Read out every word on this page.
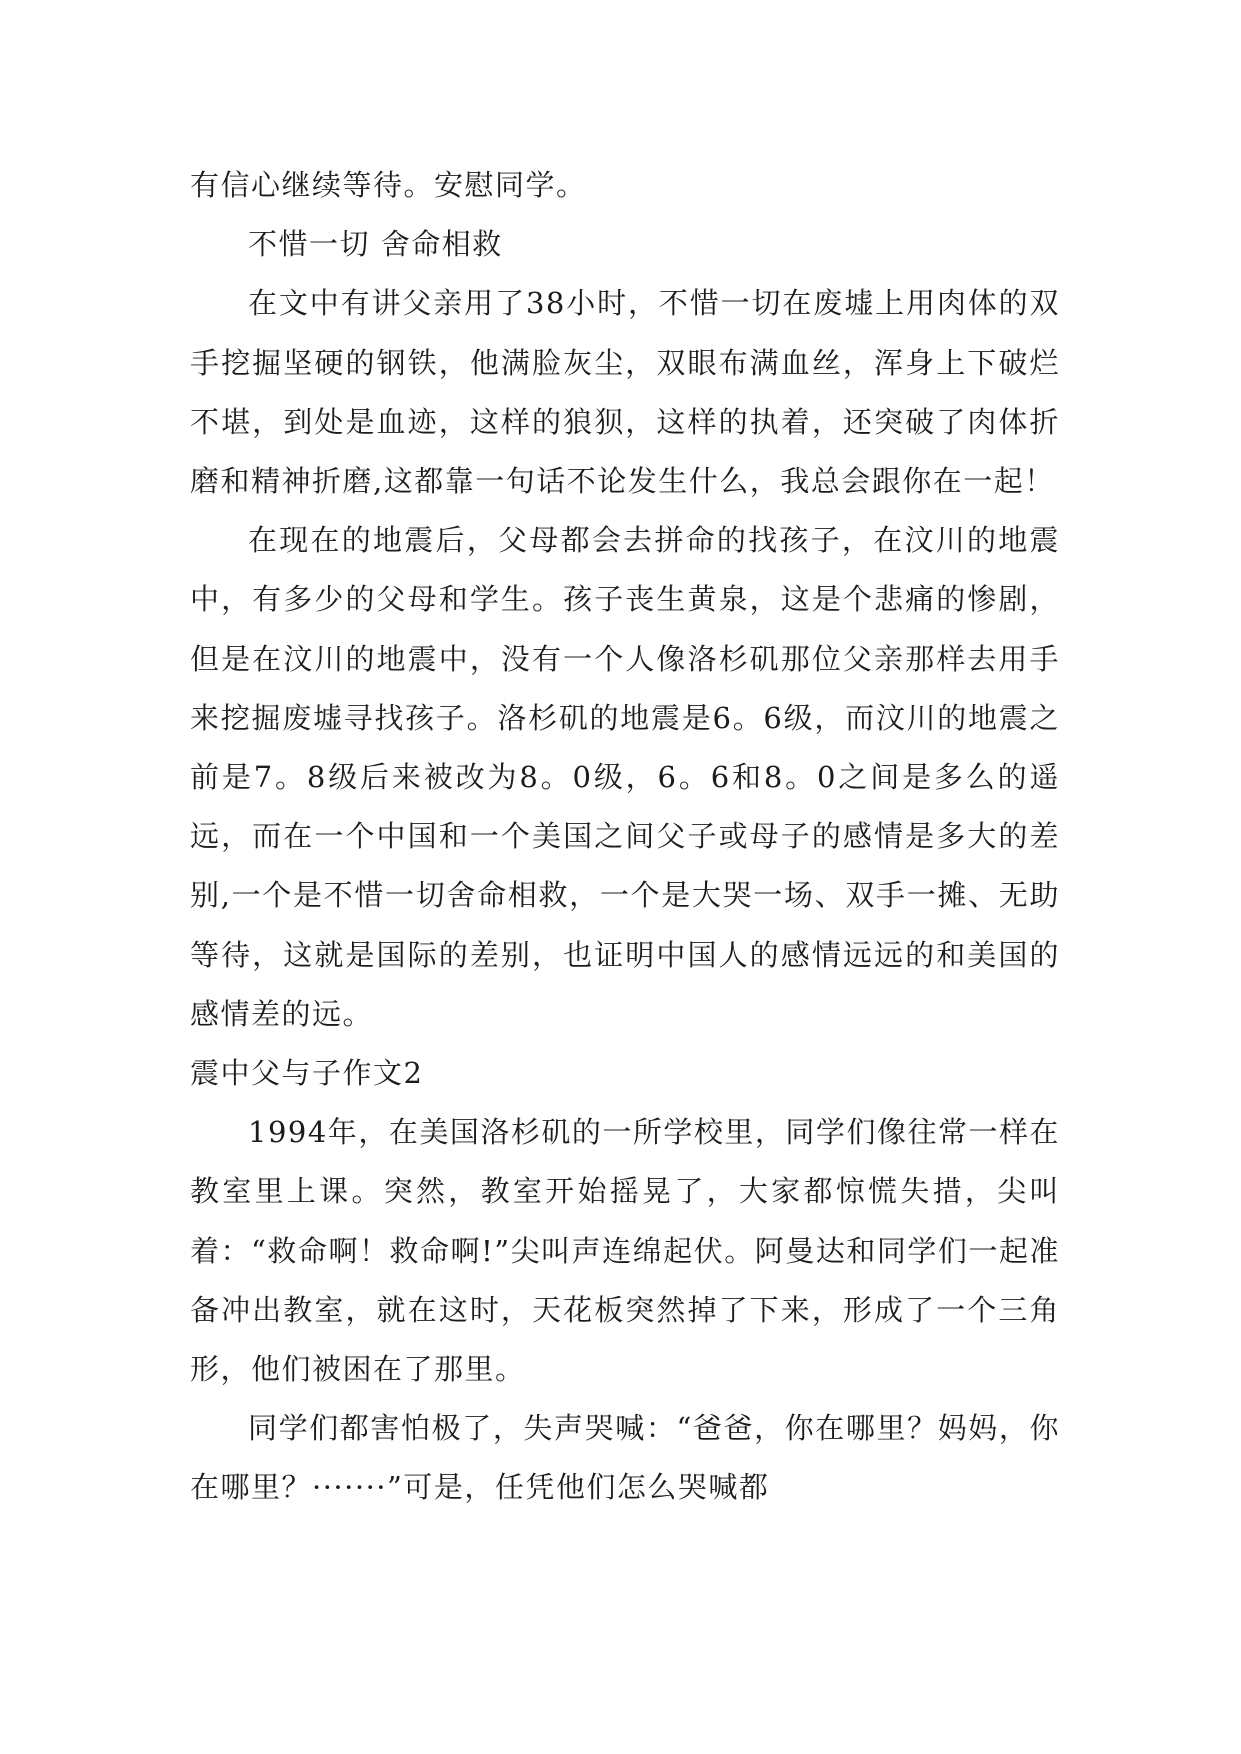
有信心继续等待。安慰同学。

不惜一切 舍命相救

在文中有讲父亲用了38小时，不惜一切在废墟上用肉体的双手挖掘坚硬的钢铁，他满脸灰尘，双眼布满血丝，浑身上下破烂不堪，到处是血迹，这样的狼狈，这样的执着，还突破了肉体折磨和精神折磨,这都靠一句话不论发生什么，我总会跟你在一起！

在现在的地震后，父母都会去拼命的找孩子，在汶川的地震中，有多少的父母和学生。孩子丧生黄泉，这是个悲痛的惨剧，但是在汶川的地震中，没有一个人像洛杉矶那位父亲那样去用手来挖掘废墟寻找孩子。洛杉矶的地震是6。6级，而汶川的地震之前是7。8级后来被改为8。0级，6。6和8。0之间是多么的遥远，而在一个中国和一个美国之间父子或母子的感情是多大的差别,一个是不惜一切舍命相救，一个是大哭一场、双手一摊、无助等待，这就是国际的差别，也证明中国人的感情远远的和美国的感情差的远。

震中父与子作文2

1994年，在美国洛杉矶的一所学校里，同学们像往常一样在教室里上课。突然，教室开始摇晃了，大家都惊慌失措，尖叫着：“救命啊！救命啊!”尖叫声连绵起伏。阿曼达和同学们一起准备冲出教室，就在这时，天花板突然掉了下来，形成了一个三角形，他们被困在了那里。

同学们都害怕极了，失声哭喊：“爸爸，你在哪里？妈妈，你在哪里？·······”可是，任凭他们怎么哭喊都
